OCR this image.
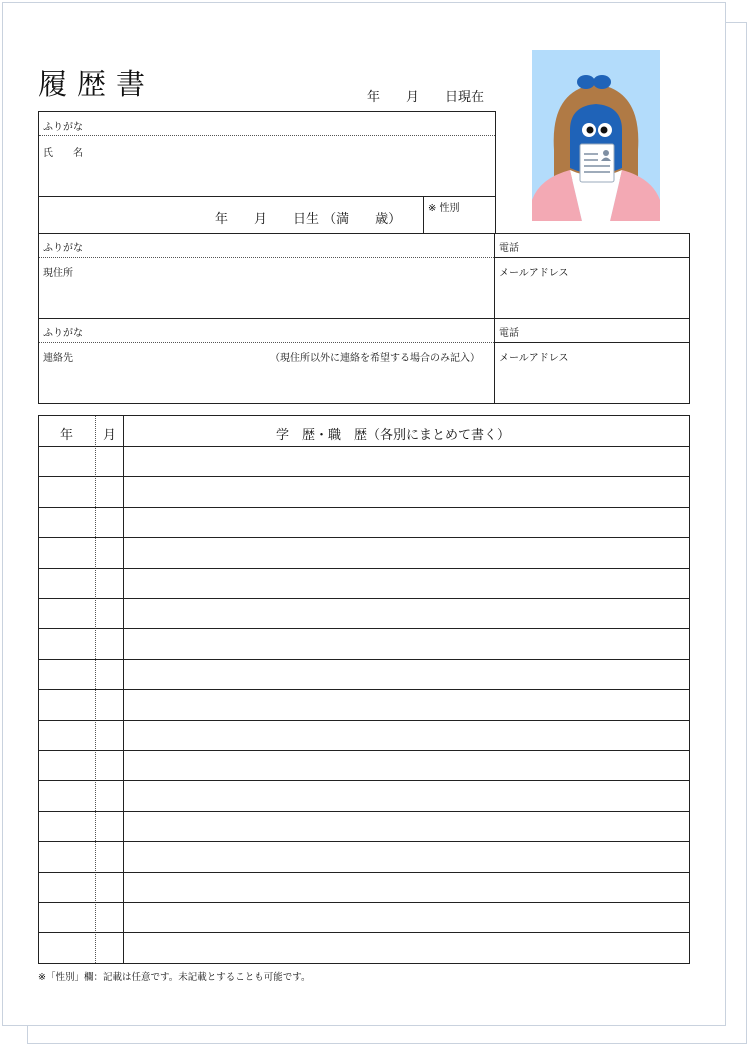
履歴書	年　　月　　日現在
ふりがな
氏　　名
年　　月　　日生 （満　　歳）
※ 性別
ふりがな
現住所
電話
メールアドレス
ふりがな
連絡先	（現住所以外に連絡を希望する場合のみ記入）
電話
メールアドレス
年 月	学　歴・職　歴（各別にまとめて書く）
※「性別」欄：記載は任意です。未記載とすることも可能です。
